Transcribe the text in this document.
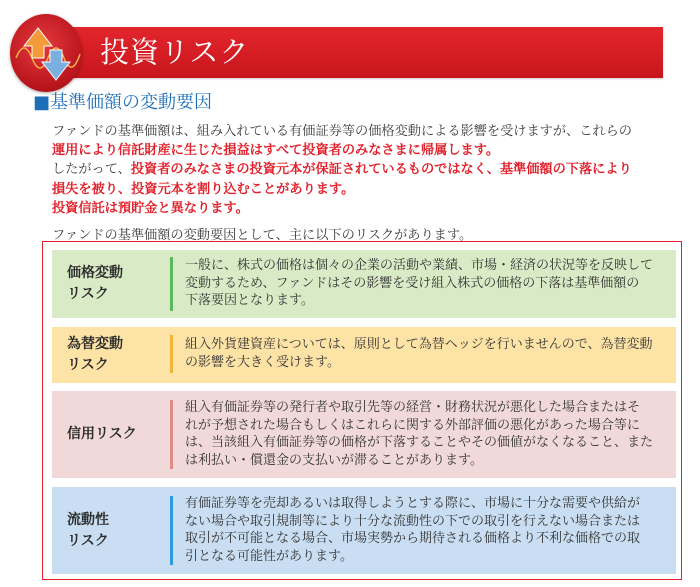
投資リスク
■基準価額の変動要因
ファンドの基準価額は、組み入れている有価証券等の価格変動による影響を受けますが、これらの
運用により信託財産に生じた損益はすべて投資者のみなさまに帰属します。
したがって、投資者のみなさまの投資元本が保証されているものではなく、基準価額の下落により
損失を被り、投資元本を割り込むことがあります。
投資信託は預貯金と異なります。
ファンドの基準価額の変動要因として、主に以下のリスクがあります。
価格変動
リスク
一般に、株式の価格は個々の企業の活動や業績、市場・経済の状況等を反映して
変動するため、ファンドはその影響を受け組入株式の価格の下落は基準価額の
下落要因となります。
為替変動
リスク
組入外貨建資産については、原則として為替ヘッジを行いませんので、為替変動
の影響を大きく受けます。
信用リスク
組入有価証券等の発行者や取引先等の経営・財務状況が悪化した場合またはそ
れが予想された場合もしくはこれらに関する外部評価の悪化があった場合等に
は、当該組入有価証券等の価格が下落することやその価値がなくなること、また
は利払い・償還金の支払いが滞ることがあります。
流動性
リスク
有価証券等を売却あるいは取得しようとする際に、市場に十分な需要や供給が
ない場合や取引規制等により十分な流動性の下での取引を行えない場合または
取引が不可能となる場合、市場実勢から期待される価格より不利な価格での取
引となる可能性があります。
